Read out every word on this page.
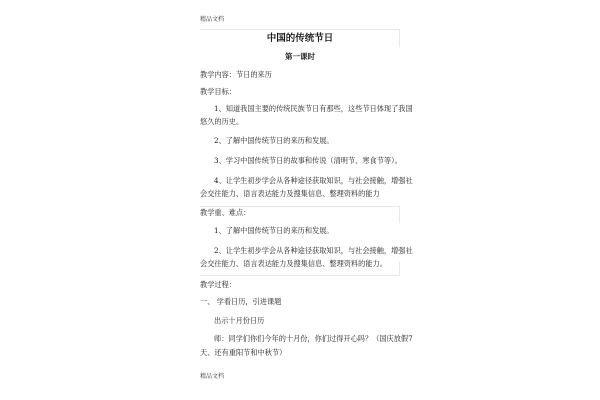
精品文档
中国的传统节日
第一课时
教学内容：节日的来历
教学目标：
1、知道我国主要的传统民族节日有那些，这些节日体现了我国
悠久的历史。
2、了解中国传统节日的来历和发展。
3、学习中国传统节日的故事和传说（清明节、寒食节等）。
4、让学生初步学会从各种途径获取知识，与社会接触，增强社
会交往能力、语言表达能力及搜集信息、整理资料的能力
教学重、难点：
1、了解中国传统节日的来历和发展。
2、让学生初步学会从各种途径获取知识，与社会接触，增强社
会交往能力、语言表达能力及搜集信息、整理资料的能力。
教学过程：
一、 学看日历，引进课题
出示十月份日历
师：同学们你们今年的十月份，你们过得开心吗？（国庆放假7
天、还有重阳节和中秋节）
精品文档
